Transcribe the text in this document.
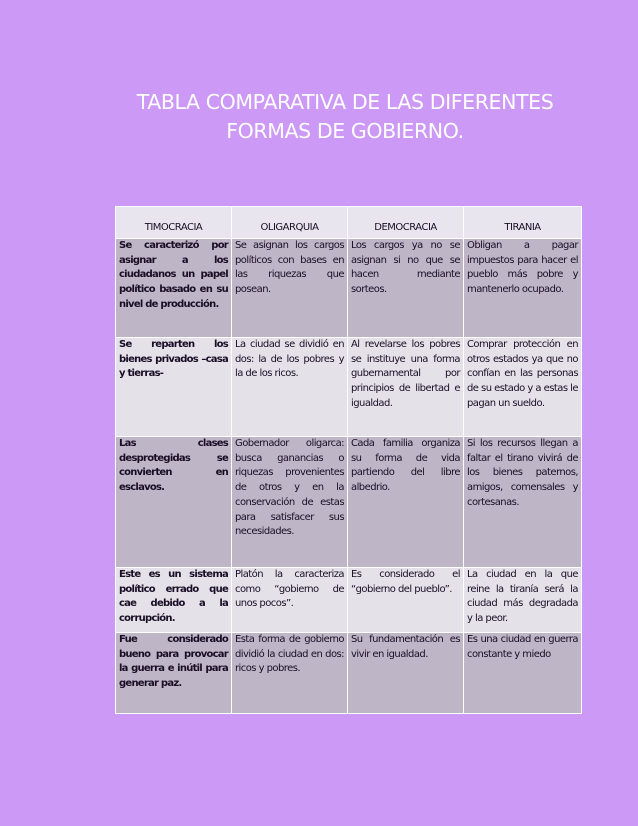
TABLA COMPARATIVA DE LAS DIFERENTES
FORMAS DE GOBIERNO.
TIMOCRACIA	OLIGARQUIA	DEMOCRACIA	TIRANIA
Se caracterizó por asignar a los ciudadanos un papel político basado en su nivel de producción.	Se asignan los cargos políticos con bases en las riquezas que posean.	Los cargos ya no se asignan si no que se hacen mediante sorteos.	Obligan a pagar impuestos para hacer el pueblo más pobre y mantenerlo ocupado.
Se reparten los bienes privados –casa y tierras-	La ciudad se dividió en dos: la de los pobres y la de los ricos.	Al revelarse los pobres se instituye una forma gubernamental por principios de libertad e igualdad.	Comprar protección en otros estados ya que no confían en las personas de su estado y a estas le pagan un sueldo.
Las clases desprotegidas se convierten en esclavos.	Gobernador oligarca: busca ganancias o riquezas provenientes de otros y en la conservación de estas para satisfacer sus necesidades.	Cada familia organiza su forma de vida partiendo del libre albedrio.	Si los recursos llegan a faltar el tirano vivirá de los bienes paternos, amigos, comensales y cortesanas.
Este es un sistema político errado que cae debido a la corrupción.	Platón la caracteriza como “gobierno de unos pocos”.	Es considerado el “gobierno del pueblo”.	La ciudad en la que reine la tiranía será la ciudad más degradada y la peor.
Fue considerado bueno para provocar la guerra e inútil para generar paz.	Esta forma de gobierno dividió la ciudad en dos: ricos y pobres.	Su fundamentación es vivir en igualdad.	Es una ciudad en guerra constante y miedo
